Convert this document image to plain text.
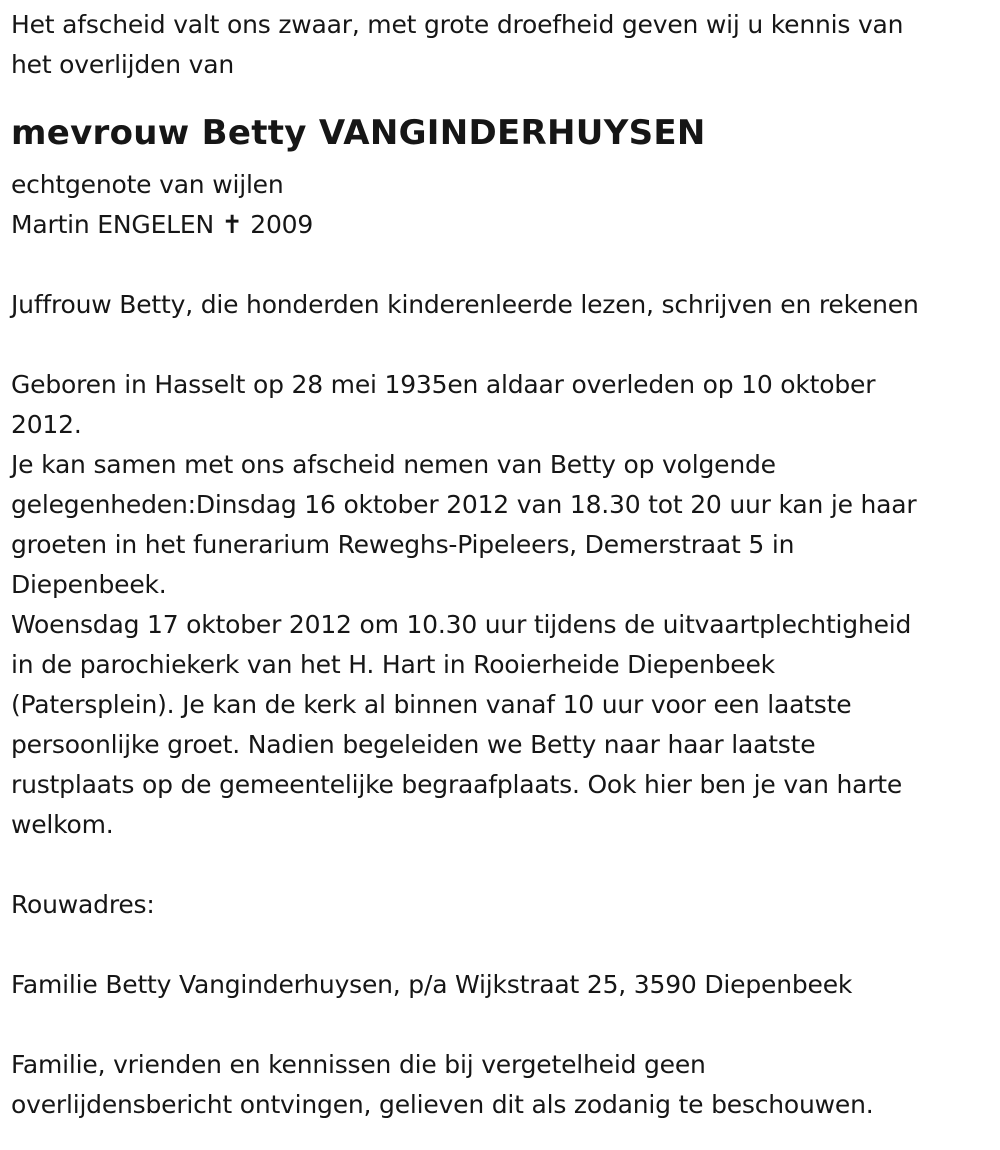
Het afscheid valt ons zwaar, met grote droefheid geven wij u kennis van
het overlijden van
mevrouw Betty VANGINDERHUYSEN
echtgenote van wijlen
Martin ENGELEN ✝ 2009
Juffrouw Betty, die honderden kinderenleerde lezen, schrijven en rekenen
Geboren in Hasselt op 28 mei 1935en aldaar overleden op 10 oktober
2012.
Je kan samen met ons afscheid nemen van Betty op volgende
gelegenheden:Dinsdag 16 oktober 2012 van 18.30 tot 20 uur kan je haar
groeten in het funerarium Reweghs-Pipeleers, Demerstraat 5 in
Diepenbeek.
Woensdag 17 oktober 2012 om 10.30 uur tijdens de uitvaartplechtigheid
in de parochiekerk van het H. Hart in Rooierheide Diepenbeek
(Patersplein). Je kan de kerk al binnen vanaf 10 uur voor een laatste
persoonlijke groet. Nadien begeleiden we Betty naar haar laatste
rustplaats op de gemeentelijke begraafplaats. Ook hier ben je van harte
welkom.
Rouwadres:
Familie Betty Vanginderhuysen, p/a Wijkstraat 25, 3590 Diepenbeek
Familie, vrienden en kennissen die bij vergetelheid geen
overlijdensbericht ontvingen, gelieven dit als zodanig te beschouwen.
